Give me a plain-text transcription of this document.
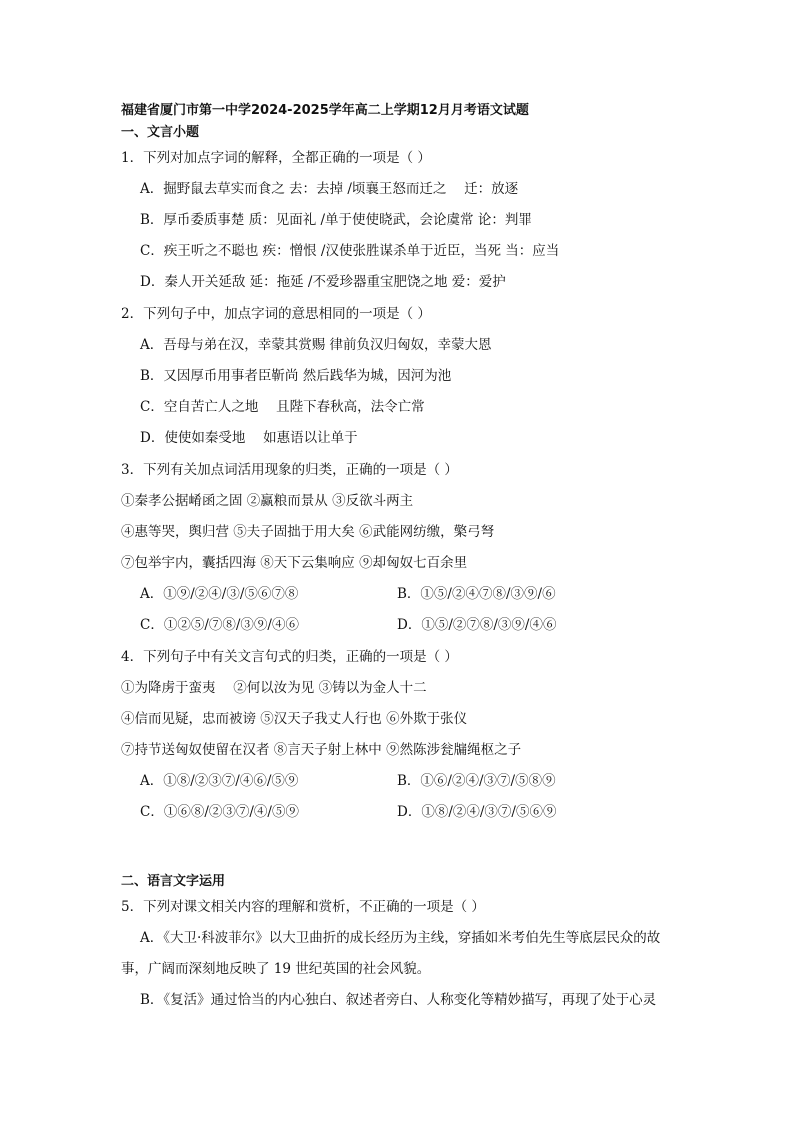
福建省厦门市第一中学2024-2025学年高二上学期12月月考语文试题
一、文言小题
1．下列对加点字词的解释，全都正确的一项是（ ）
A．掘野鼠去草实而食之 去：去掉 /顷襄王怒而迁之 　迁：放逐
B．厚币委质事楚 质：见面礼 /单于使使晓武，会论虞常 论：判罪
C．疾王听之不聪也 疾：憎恨 /汉使张胜谋杀单于近臣，当死 当：应当
D．秦人开关延敌 延：拖延 /不爱珍器重宝肥饶之地 爱：爱护
2．下列句子中，加点字词的意思相同的一项是（ ）
A．吾母与弟在汉，幸蒙其赏赐 律前负汉归匈奴，幸蒙大恩
B．又因厚币用事者臣靳尚 然后践华为城，因河为池
C．空自苦亡人之地 　且陛下春秋高，法令亡常
D．使使如秦受地 　如惠语以让单于
3．下列有关加点词活用现象的归类，正确的一项是（ ）
①秦孝公据崤函之固 ②赢粮而景从 ③反欲斗两主
④惠等哭，舆归营 ⑤夫子固拙于用大矣 ⑥武能网纺缴，檠弓弩
⑦包举宇内，囊括四海 ⑧天下云集响应 ⑨却匈奴七百余里
A．①⑨/②④/③/⑤⑥⑦⑧	B．①⑤/②④⑦⑧/③⑨/⑥
C．①②⑤/⑦⑧/③⑨/④⑥	D．①⑤/②⑦⑧/③⑨/④⑥
4．下列句子中有关文言句式的归类，正确的一项是（ ）
①为降虏于蛮夷 　②何以汝为见 ③铸以为金人十二
④信而见疑，忠而被谤 ⑤汉天子我丈人行也 ⑥外欺于张仪
⑦持节送匈奴使留在汉者 ⑧言天子射上林中 ⑨然陈涉瓮牖绳枢之子
A．①⑧/②③⑦/④⑥/⑤⑨	B．①⑥/②④/③⑦/⑤⑧⑨
C．①⑥⑧/②③⑦/④/⑤⑨	D．①⑧/②④/③⑦/⑤⑥⑨
二、语言文字运用
5．下列对课文相关内容的理解和赏析，不正确的一项是（ ）
A．《大卫·科波菲尔》以大卫曲折的成长经历为主线，穿插如米考伯先生等底层民众的故
事，广阔而深刻地反映了 19 世纪英国的社会风貌。
B．《复活》通过恰当的内心独白、叙述者旁白、人称变化等精妙描写，再现了处于心灵
